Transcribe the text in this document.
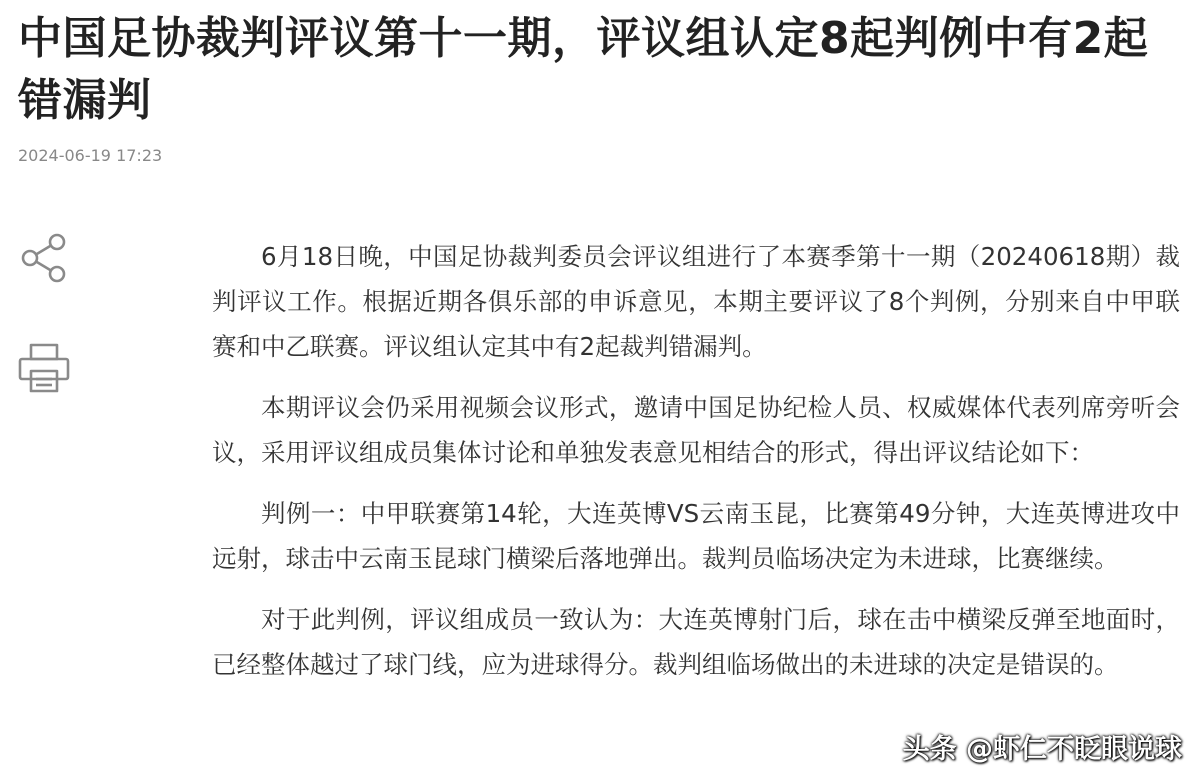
中国足协裁判评议第十一期，评议组认定8起判例中有2起错漏判
2024-06-19 17:23

6月18日晚，中国足协裁判委员会评议组进行了本赛季第十一期（20240618期）裁判评议工作。根据近期各俱乐部的申诉意见，本期主要评议了8个判例，分别来自中甲联赛和中乙联赛。评议组认定其中有2起裁判错漏判。

本期评议会仍采用视频会议形式，邀请中国足协纪检人员、权威媒体代表列席旁听会议，采用评议组成员集体讨论和单独发表意见相结合的形式，得出评议结论如下：

判例一：中甲联赛第14轮，大连英博VS云南玉昆，比赛第49分钟，大连英博进攻中远射，球击中云南玉昆球门横梁后落地弹出。裁判员临场决定为未进球，比赛继续。

对于此判例，评议组成员一致认为：大连英博射门后，球在击中横梁反弹至地面时，已经整体越过了球门线，应为进球得分。裁判组临场做出的未进球的决定是错误的。

头条 @虾仁不眨眼说球
